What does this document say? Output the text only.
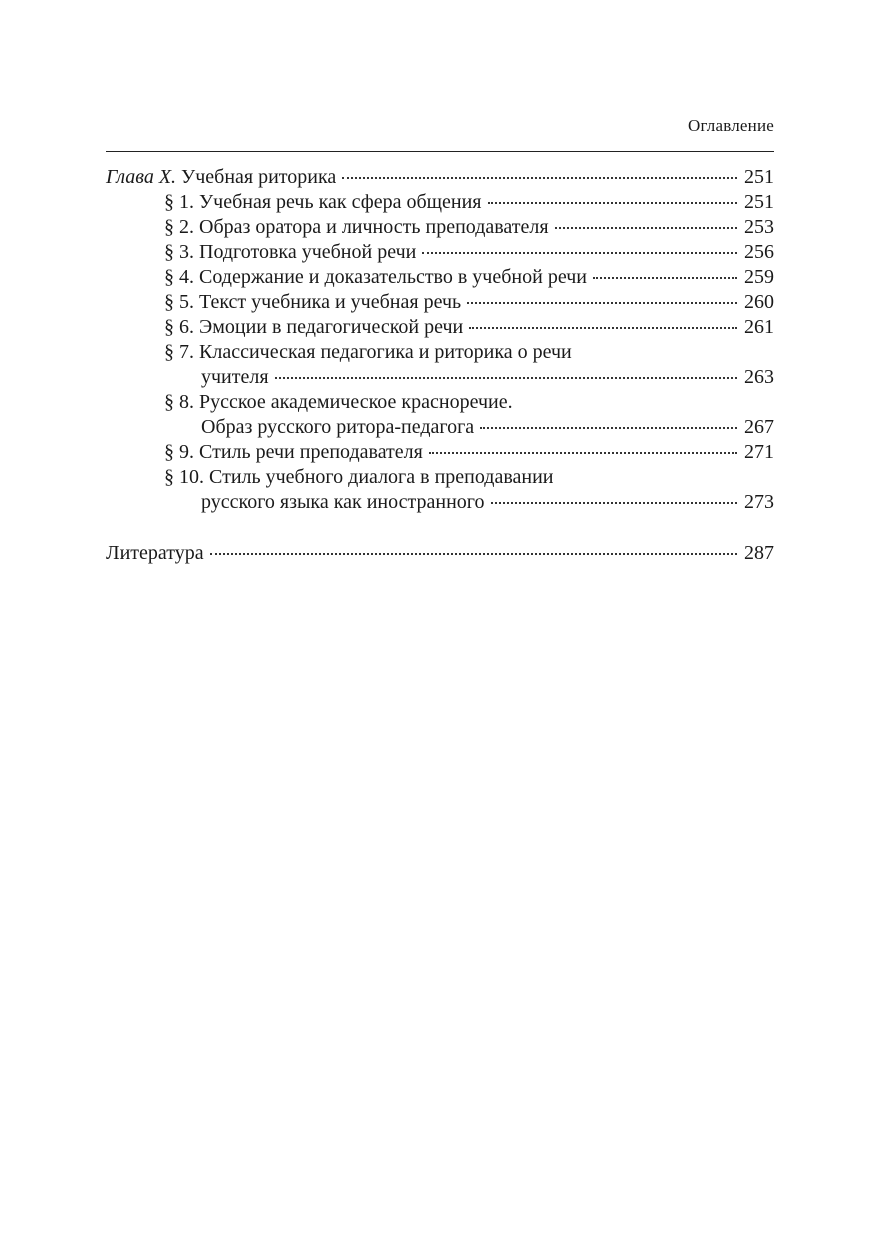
Оглавление
Глава X. Учебная риторика	251
§ 1. Учебная речь как сфера общения	251
§ 2. Образ оратора и личность преподавателя	253
§ 3. Подготовка учебной речи	256
§ 4. Содержание и доказательство в учебной речи	259
§ 5. Текст учебника и учебная речь	260
§ 6. Эмоции в педагогической речи	261
§ 7. Классическая педагогика и риторика о речи
учителя	263
§ 8. Русское академическое красноречие.
Образ русского ритора-педагога	267
§ 9. Стиль речи преподавателя	271
§ 10. Стиль учебного диалога в преподавании
русского языка как иностранного	273
Литература	287
